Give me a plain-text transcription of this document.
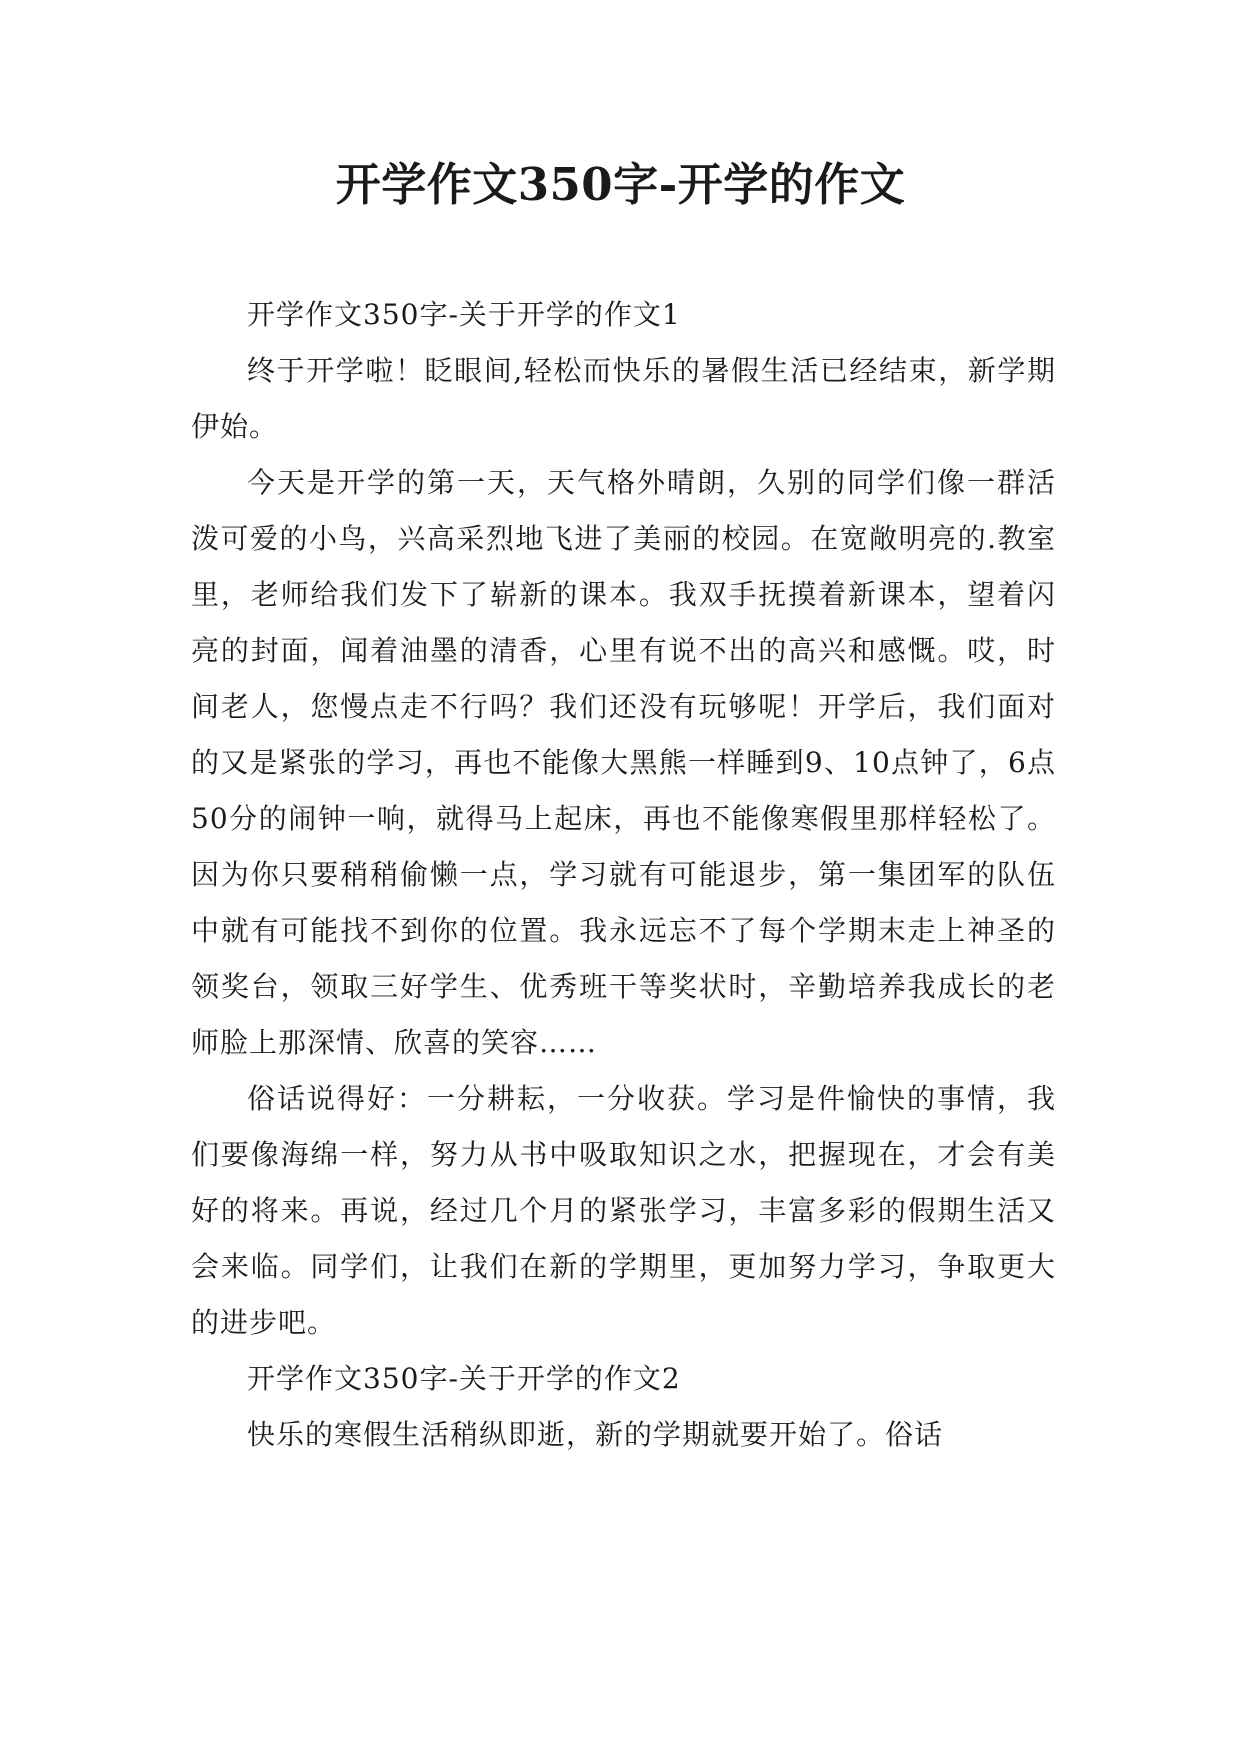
开学作文350字-开学的作文

开学作文350字-关于开学的作文1

终于开学啦！眨眼间,轻松而快乐的暑假生活已经结束，新学期伊始。

今天是开学的第一天，天气格外晴朗，久别的同学们像一群活泼可爱的小鸟，兴高采烈地飞进了美丽的校园。在宽敞明亮的.教室里，老师给我们发下了崭新的课本。我双手抚摸着新课本，望着闪亮的封面，闻着油墨的清香，心里有说不出的高兴和感慨。哎，时间老人，您慢点走不行吗？我们还没有玩够呢！开学后，我们面对的又是紧张的学习，再也不能像大黑熊一样睡到9、10点钟了，6点50分的闹钟一响，就得马上起床，再也不能像寒假里那样轻松了。因为你只要稍稍偷懒一点，学习就有可能退步，第一集团军的队伍中就有可能找不到你的位置。我永远忘不了每个学期末走上神圣的领奖台，领取三好学生、优秀班干等奖状时，辛勤培养我成长的老师脸上那深情、欣喜的笑容……

俗话说得好：一分耕耘，一分收获。学习是件愉快的事情，我们要像海绵一样，努力从书中吸取知识之水，把握现在，才会有美好的将来。再说，经过几个月的紧张学习，丰富多彩的假期生活又会来临。同学们，让我们在新的学期里，更加努力学习，争取更大的进步吧。

开学作文350字-关于开学的作文2

快乐的寒假生活稍纵即逝，新的学期就要开始了。俗话
